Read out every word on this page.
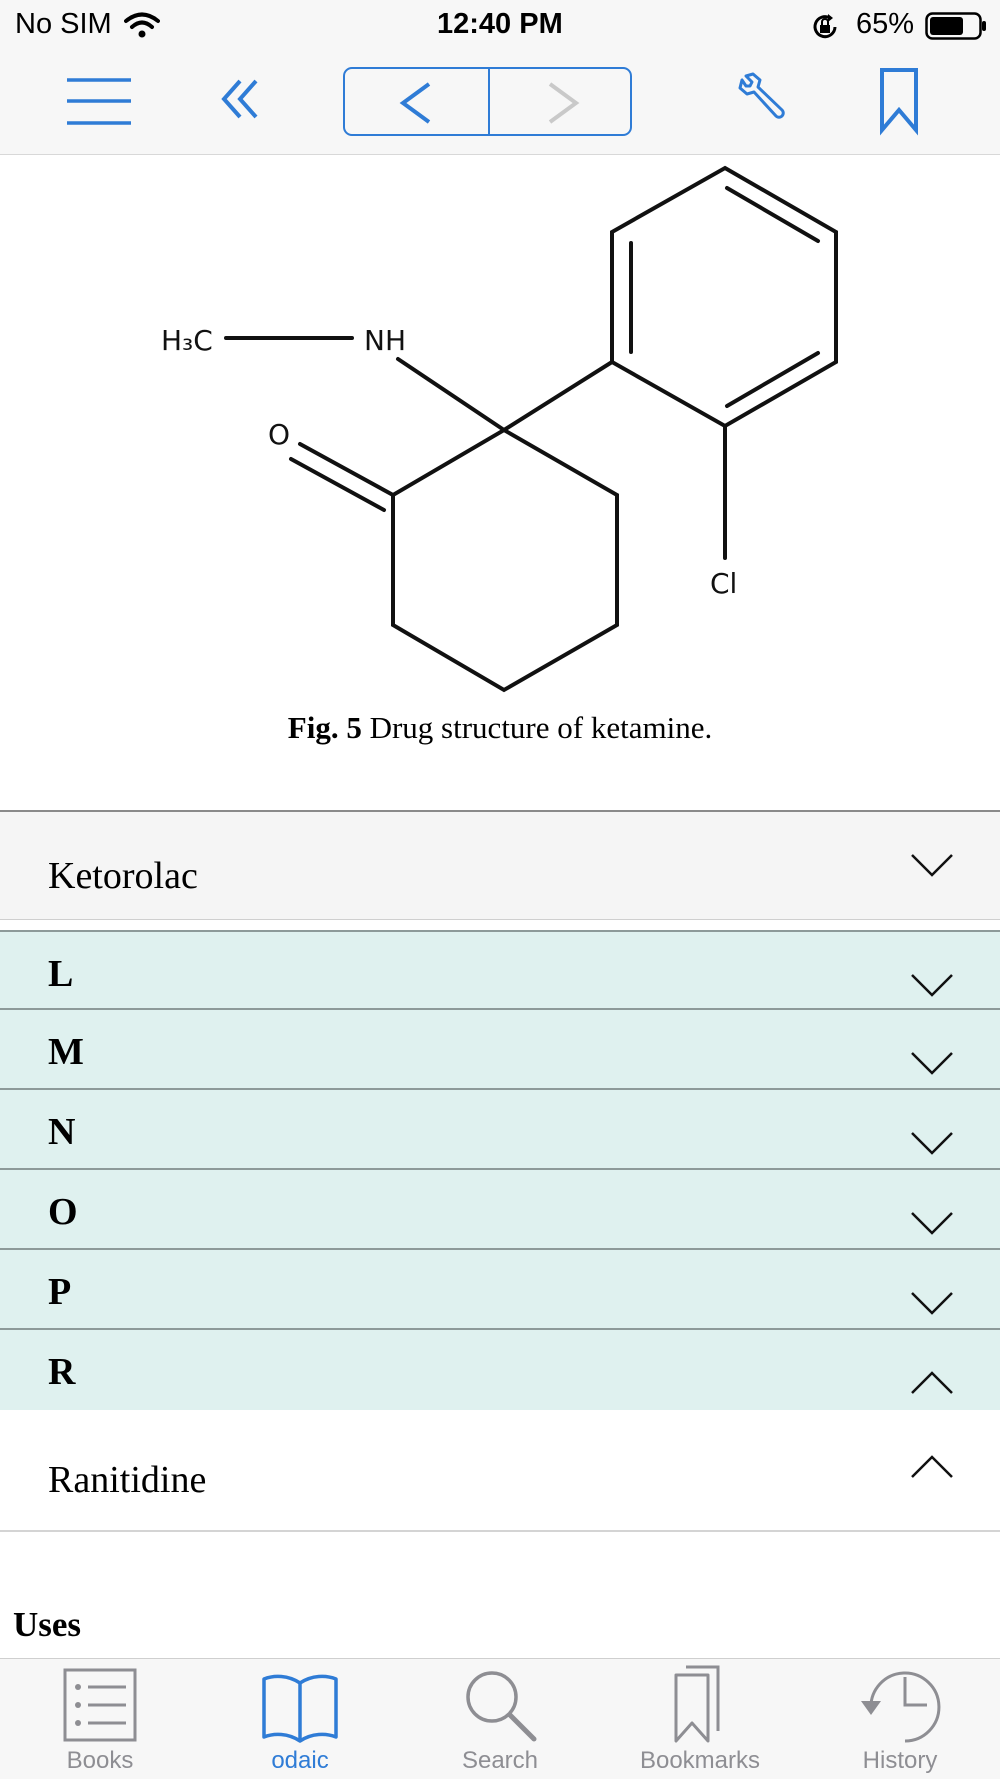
No SIM	12:40 PM	65%
H₃C	NH
O
Cl
Fig. 5 Drug structure of ketamine.
Ketorolac
L
M
N
O
P
R
Ranitidine
Uses
Books	odaic	Search	Bookmarks	History
